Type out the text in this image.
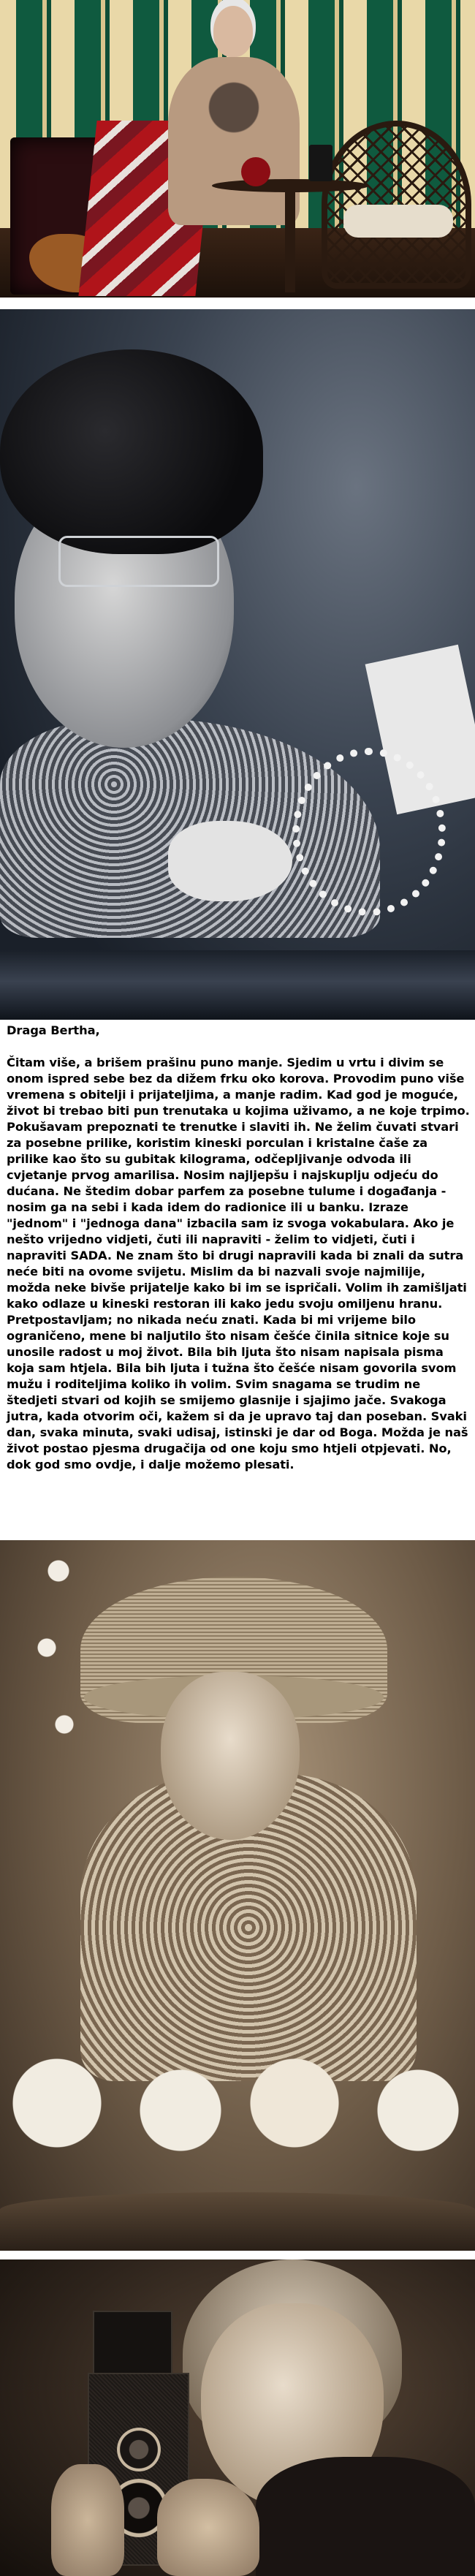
Draga Bertha,

Čitam više, a brišem prašinu puno manje. Sjedim u vrtu i divim se onom ispred sebe bez da dižem frku oko korova. Provodim puno više vremena s obitelji i prijateljima, a manje radim. Kad god je moguće, život bi trebao biti pun trenutaka u kojima uživamo, a ne koje trpimo. Pokušavam prepoznati te trenutke i slaviti ih. Ne želim čuvati stvari za posebne prilike, koristim kineski porculan i kristalne čaše za prilike kao što su gubitak kilograma, odčepljivanje odvoda ili cvjetanje prvog amarilisa. Nosim najljepšu i najskuplju odjeću do dućana. Ne štedim dobar parfem za posebne tulume i događanja - nosim ga na sebi i kada idem do radionice ili u banku. Izraze "jednom" i "jednoga dana" izbacila sam iz svoga vokabulara. Ako je nešto vrijedno vidjeti, čuti ili napraviti - želim to vidjeti, čuti i napraviti SADA. Ne znam što bi drugi napravili kada bi znali da sutra neće biti na ovome svijetu. Mislim da bi nazvali svoje najmilije, možda neke bivše prijatelje kako bi im se ispričali. Volim ih zamišljati kako odlaze u kineski restoran ili kako jedu svoju omiljenu hranu. Pretpostavljam; no nikada neću znati. Kada bi mi vrijeme bilo ograničeno, mene bi naljutilo što nisam češće činila sitnice koje su unosile radost u moj život. Bila bih ljuta što nisam napisala pisma koja sam htjela. Bila bih ljuta i tužna što češće nisam govorila svom mužu i roditeljima koliko ih volim. Svim snagama se trudim ne štedjeti stvari od kojih se smijemo glasnije i sjajimo jače. Svakoga jutra, kada otvorim oči, kažem si da je upravo taj dan poseban. Svaki dan, svaka minuta, svaki udisaj, istinski je dar od Boga. Možda je naš život postao pjesma drugačija od one koju smo htjeli otpjevati. No, dok god smo ovdje, i dalje možemo plesati.
